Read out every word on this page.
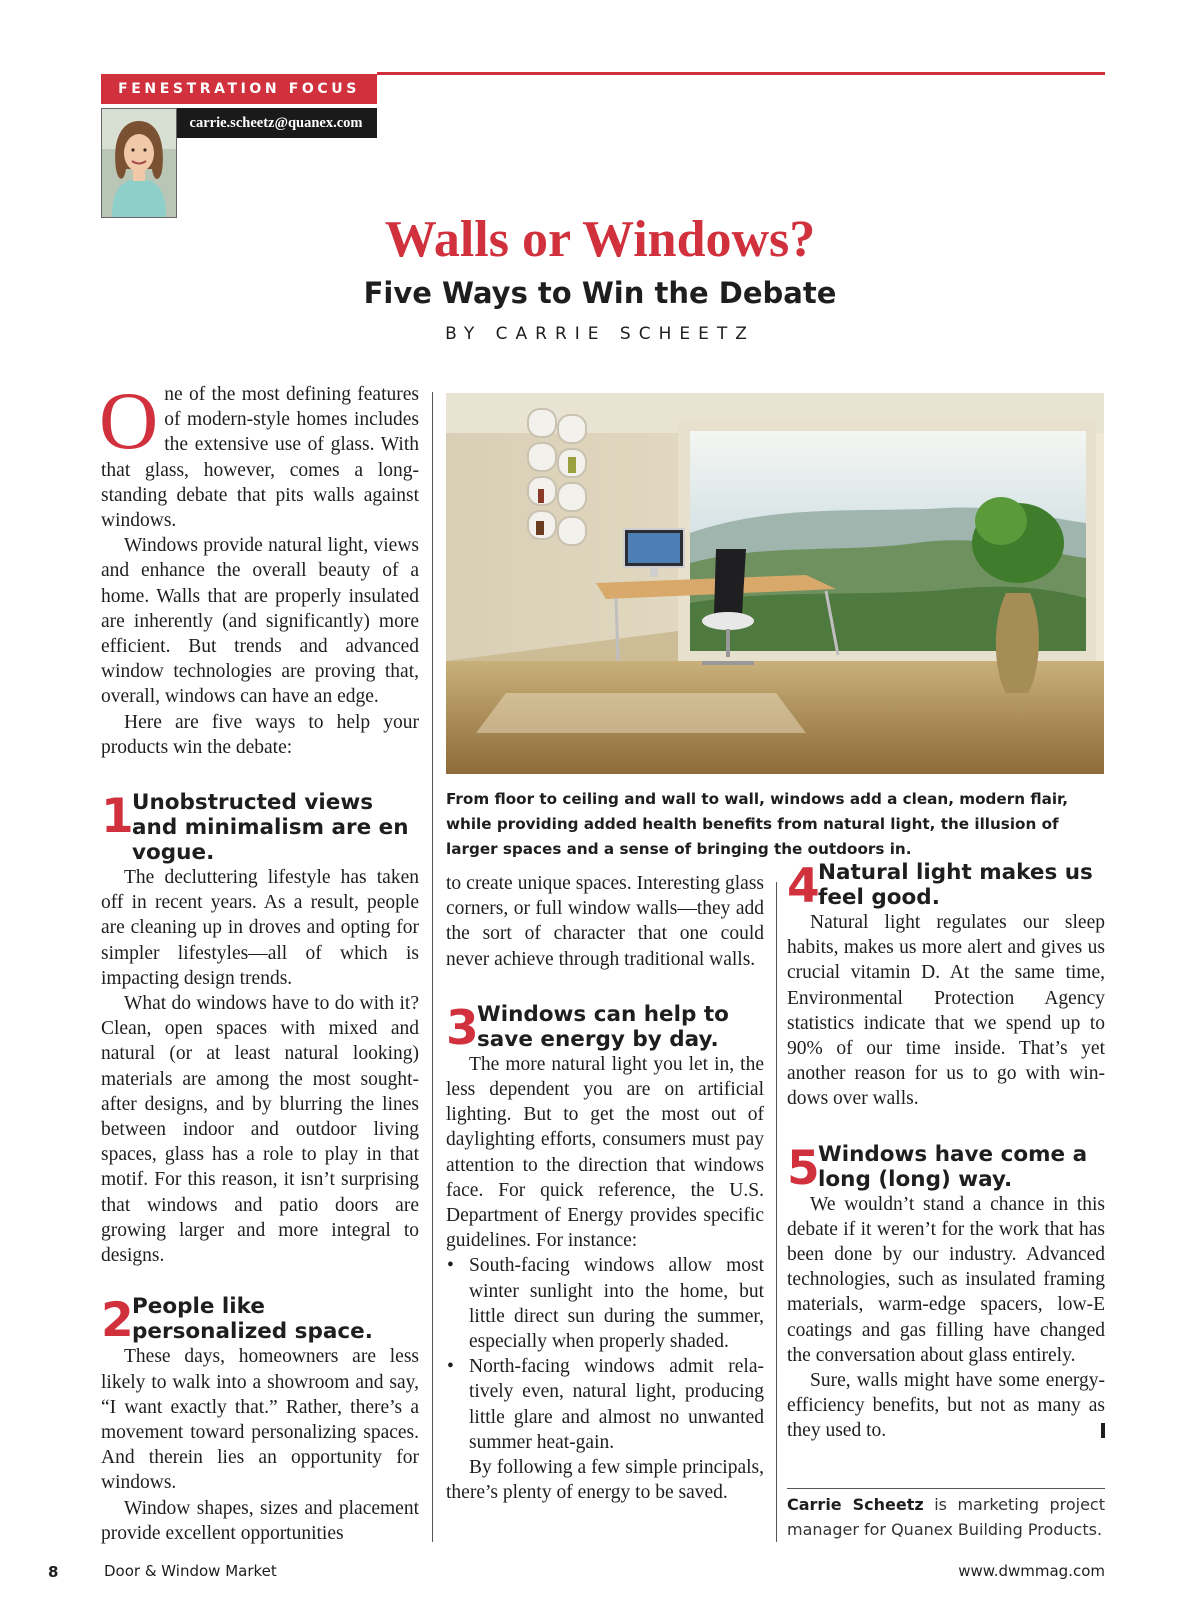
FENESTRATION FOCUS
carrie.scheetz@quanex.com
Walls or Windows?
Five Ways to Win the Debate
BY CARRIE SCHEETZ

O ne of the most defining features of modern-style homes includes the extensive use of glass. With that glass, however, comes a long-standing debate that pits walls against windows.

Windows provide natural light, views and enhance the overall beauty of a home. Walls that are properly insulated are inherently (and significantly) more efficient. But trends and advanced window technologies are proving that, overall, windows can have an edge.

Here are five ways to help your products win the debate:

1
Unobstructed views and minimalism are en vogue.

The decluttering lifestyle has taken off in recent years. As a result, people are cleaning up in droves and opting for simpler lifestyles—all of which is impacting design trends.

What do windows have to do with it? Clean, open spaces with mixed and natural (or at least natural looking) materials are among the most sought-after designs, and by blurring the lines between indoor and outdoor living spaces, glass has a role to play in that motif. For this reason, it isn’t surprising that windows and patio doors are growing larger and more integral to designs.

2
People like personalized space.

These days, homeowners are less likely to walk into a showroom and say, “I want exactly that.” Rather, there’s a movement toward personalizing spaces. And therein lies an opportunity for windows.

Window shapes, sizes and placement provide excellent opportunities

From floor to ceiling and wall to wall, windows add a clean, modern flair, while providing added health benefits from natural light, the illusion of larger spaces and a sense of bringing the outdoors in.

to create unique spaces. Interesting glass corners, or full window walls—they add the sort of character that one could never achieve through traditional walls.

3
Windows can help to save energy by day.

The more natural light you let in, the less dependent you are on artificial lighting. But to get the most out of daylighting efforts, consumers must pay attention to the direction that windows face. For quick reference, the U.S. Department of Energy provides specific guidelines. For instance:

• South-facing windows allow most winter sunlight into the home, but little direct sun during the summer, especially when properly shaded.
• North-facing windows admit relatively even, natural light, producing little glare and almost no unwanted summer heat-gain.

By following a few simple principals, there’s plenty of energy to be saved.

4
Natural light makes us feel good.

Natural light regulates our sleep habits, makes us more alert and gives us crucial vitamin D. At the same time, Environmental Protection Agency statistics indicate that we spend up to 90% of our time inside. That’s yet another reason for us to go with windows over walls.

5
Windows have come a long (long) way.

We wouldn’t stand a chance in this debate if it weren’t for the work that has been done by our industry. Advanced technologies, such as insulated framing materials, warm-edge spacers, low-E coatings and gas filling have changed the conversation about glass entirely.

Sure, walls might have some energy-efficiency benefits, but not as many as they used to.

Carrie Scheetz is marketing project manager for Quanex Building Products.
8	Door & Window Market	www.dwmmag.com
